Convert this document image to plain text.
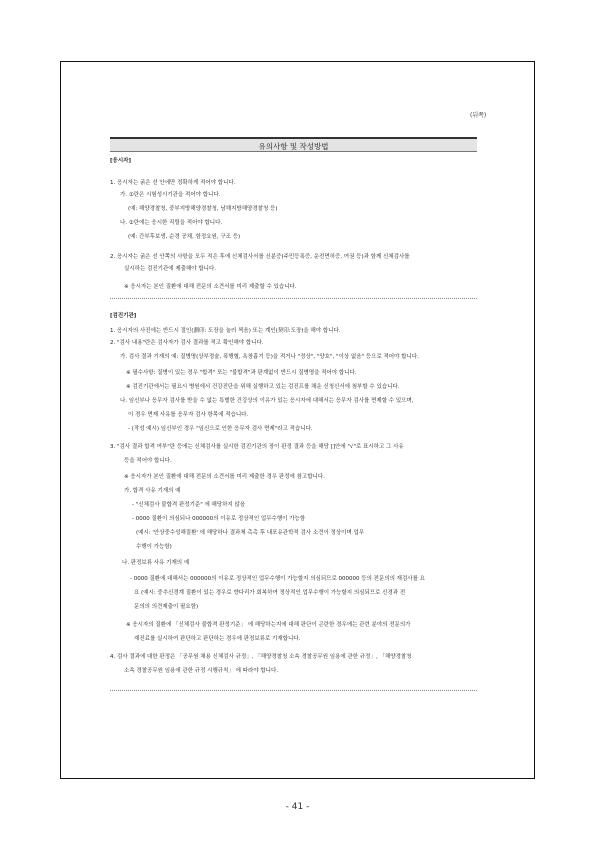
(뒤쪽)
유의사항 및 작성방법
[응시자]
1. 응시자는 굵은 선 안에만 정확하게 적어야 합니다.
가. ①란은 시험성시기관을 적어야 합니다.
(예: 해양경찰청, 중부지방해양경찰청, 남해지방해양경찰청 등)
나. ②란에는 응시한 직렬을 적어야 합니다.
(예: 간부후보생, 순경 공채, 함정요원, 구조 등)
2. 응시자는 굵은 선 안쪽의 사항을 모두 적은 후에 신체검사서를 신분증(주민등록증, 운전면허증, 여권 등)과 함께 신체검사를
실시하는 검진기관에 제출해야 합니다.
※ 응시자는 본인 질환에 대해 전문의 소견서를 미리 제출할 수 있습니다.
[검진기관]
1. 응시자의 사진에는 반드시 절인(劃印: 도장을 눌러 찍음) 또는 계인(契印:도장)을 해야 합니다.
2. "검사 내용"란은 검사자가 검사 결과를 적고 확인해야 합니다.
가. 검사 결과 기재의 예: 질병명(상부정술, 폭행혈, 욕창흉기 등)을 적거나 "정상", "양호", "이상 없음" 등으로 적어야 합니다.
※ 필수사항: 질병이 있는 경우 "합격" 또는 "불합격"과 판계없이 반드시 질병명을 적어야 합니다.
※ 검진기관에서는 필요시 병원에서 건강진단을 위해 실행하고 있는 검진프를 채운 신청신서에 첨부할 수 있습니다.
나. 임신부나 응무자 검사를 받을 수 없는 특별한 건강상의 이유가 있는 응시자에 대해서는 응무자 검사를 면제할 수 있으며,
이 경우 면제 사유를 응무자 검사 항목에 적습니다.
- (작성 예시) 임신부인 경우 "임신으로 인한 응무자 검사 면제"라고 적습니다.
3. "검사 결과 합격 여부"란 등에는 신체검사를 실시한 검진기관의 장이 판정 결과 등을 해당 []안에 "√"로 표시하고 그 사유
등을 적어야 합니다.
※ 응시자가 본인 질환에 대해 전문의 소견서를 미리 제출한 경우 판정에 참고합니다.
가. 합격 사유 기재의 예
- "신체검사 불합격 판정기준" 에 해당하지 않음
- 0000 질환이 의심되나 000000의 이유로 정상적인 업무수행이 가능함
(예시: '안상중수성해질환' 에 해당하나 결과체 촉촉 후 내포유관학적 검사 소견이 정상이며 업무
수행이 가능함)
나. 판정보류 사유 기재의 예
- 0000 질환에 대해서는 000000의 이유로 정상적인 업무수행이 가능할지 의심되므로 000000 등의 전문의의 재검사를 요
요 (예시: 중추신경계 질환이 있는 경우로 향다리가 회복하여 정상적인 업무수행이 가능할지 의심되므로 신경과 전
문의의 의견제출이 필요함)
※ 응시자의 질환에 「신체검사 불합격 판정기준」 에 해당하는지에 대해 판단이 곤란한 경우에는 관련 분야의 전문의가
재진료를 실시하여 판단하고 판단하는 경우에 판정보류로 기재합니다.
4. 검사 결과에 대한 판정은 「공무원 채용 신체검사 규정」, 「해양경찰청 소속 경찰공무원 임용에 관한 규정」, 「해양경찰청
소속 경찰공무원 임용에 관한 규정 시행규칙」 에 따라야 합니다.
- 41 -
